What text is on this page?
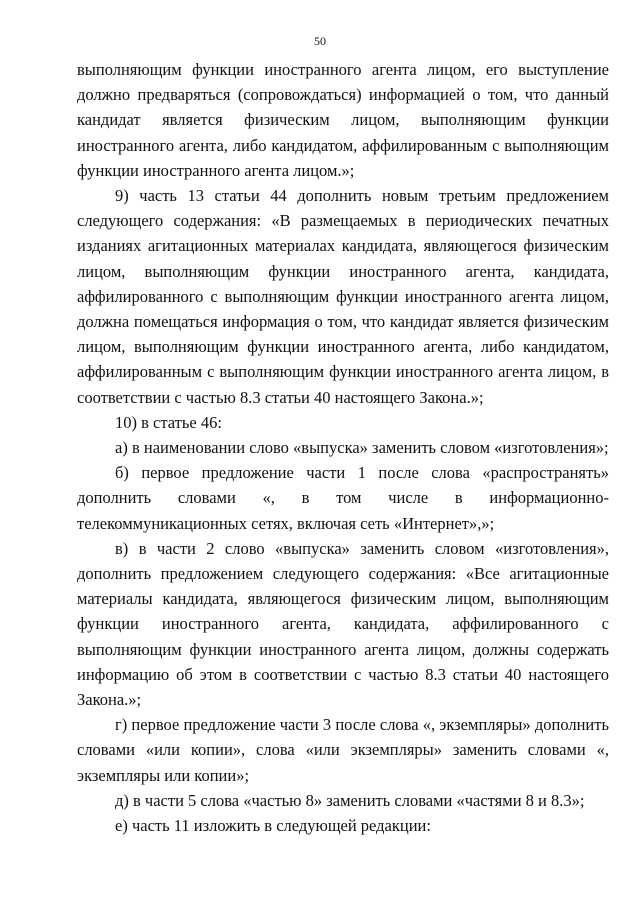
50

выполняющим функции иностранного агента лицом, его выступление должно предваряться (сопровождаться) информацией о том, что данный кандидат является физическим лицом, выполняющим функции иностранного агента, либо кандидатом, аффилированным с выполняющим функции иностранного агента лицом.»;

9) часть 13 статьи 44 дополнить новым третьим предложением следующего содержания: «В размещаемых в периодических печатных изданиях агитационных материалах кандидата, являющегося физическим лицом, выполняющим функции иностранного агента, кандидата, аффилированного с выполняющим функции иностранного агента лицом, должна помещаться информация о том, что кандидат является физическим лицом, выполняющим функции иностранного агента, либо кандидатом, аффилированным с выполняющим функции иностранного агента лицом, в соответствии с частью 8.3 статьи 40 настоящего Закона.»;

10) в статье 46:

а) в наименовании слово «выпуска» заменить словом «изготовления»;

б) первое предложение части 1 после слова «распространять» дополнить словами «, в том числе в информационно-телекоммуникационных сетях, включая сеть «Интернет»,»;

в) в части 2 слово «выпуска» заменить словом «изготовления», дополнить предложением следующего содержания: «Все агитационные материалы кандидата, являющегося физическим лицом, выполняющим функции иностранного агента, кандидата, аффилированного с выполняющим функции иностранного агента лицом, должны содержать информацию об этом в соответствии с частью 8.3 статьи 40 настоящего Закона.»;

г) первое предложение части 3 после слова «, экземпляры» дополнить словами «или копии», слова «или экземпляры» заменить словами «, экземпляры или копии»;

д) в части 5 слова «частью 8» заменить словами «частями 8 и 8.3»;

е) часть 11 изложить в следующей редакции:
